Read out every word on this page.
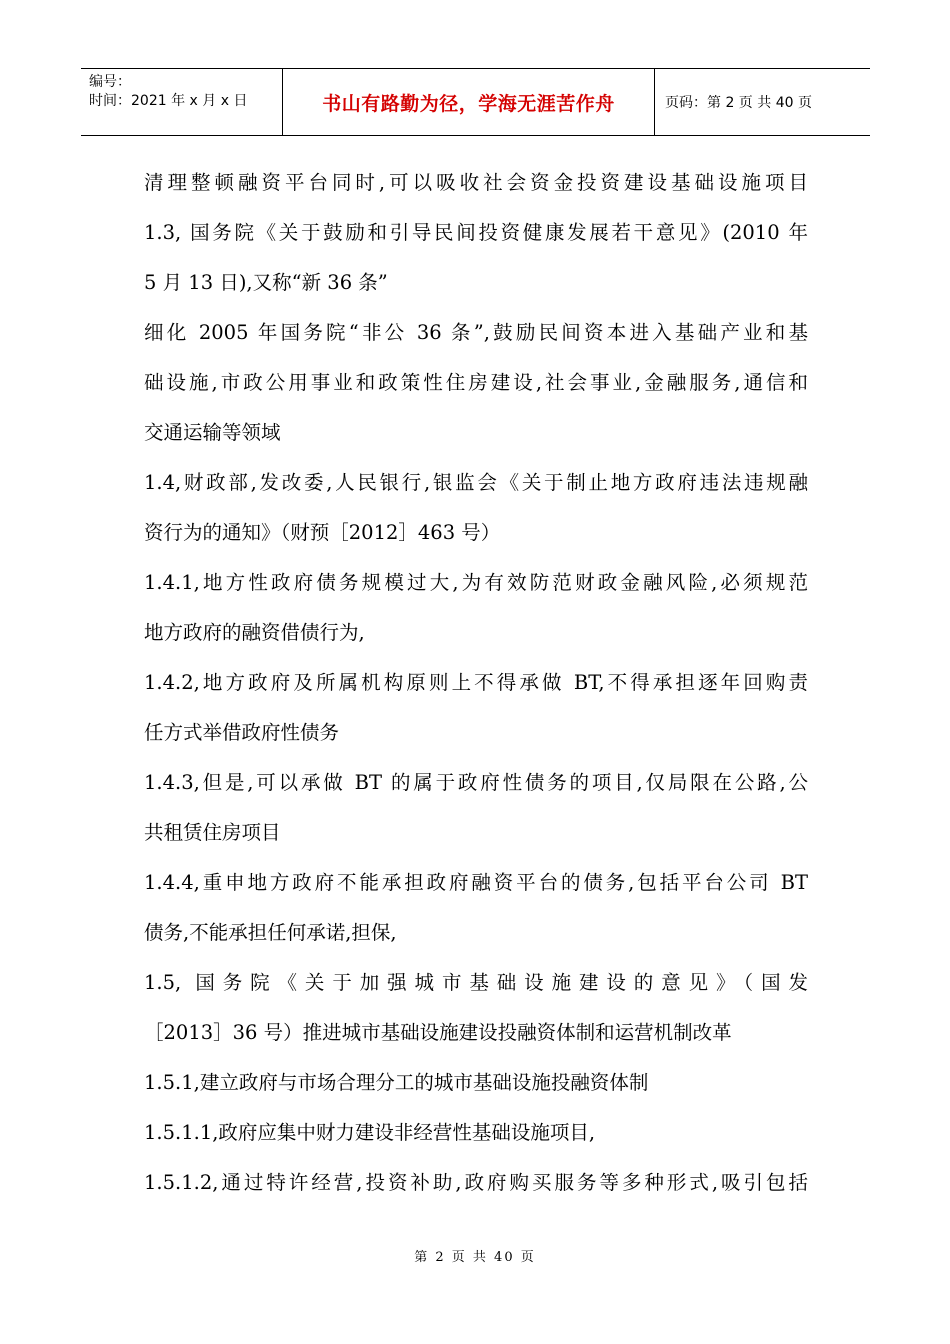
编号：
时间：2021 年 x 月 x 日	书山有路勤为径，学海无涯苦作舟	页码：第 2 页 共 40 页
清理整顿融资平台同时,可以吸收社会资金投资建设基础设施项目
1.3, 国务院《关于鼓励和引导民间投资健康发展若干意见》(2010 年
5 月 13 日),又称“新 36 条”
细化 2005 年国务院“非公 36 条”,鼓励民间资本进入基础产业和基
础设施,市政公用事业和政策性住房建设,社会事业,金融服务,通信和
交通运输等领域
1.4,财政部,发改委,人民银行,银监会《关于制止地方政府违法违规融
资行为的通知》（财预［2012］463 号）
1.4.1,地方性政府债务规模过大,为有效防范财政金融风险,必须规范
地方政府的融资借债行为,
1.4.2,地方政府及所属机构原则上不得承做 BT,不得承担逐年回购责
任方式举借政府性债务
1.4.3,但是,可以承做 BT 的属于政府性债务的项目,仅局限在公路,公
共租赁住房项目
1.4.4,重申地方政府不能承担政府融资平台的债务,包括平台公司 BT
债务,不能承担任何承诺,担保,
1.5, 国务院《关于加强城市基础设施建设的意见》（国发
［2013］36 号）推进城市基础设施建设投融资体制和运营机制改革
1.5.1,建立政府与市场合理分工的城市基础设施投融资体制
1.5.1.1,政府应集中财力建设非经营性基础设施项目,
1.5.1.2,通过特许经营,投资补助,政府购买服务等多种形式,吸引包括
第 2 页 共 40 页
